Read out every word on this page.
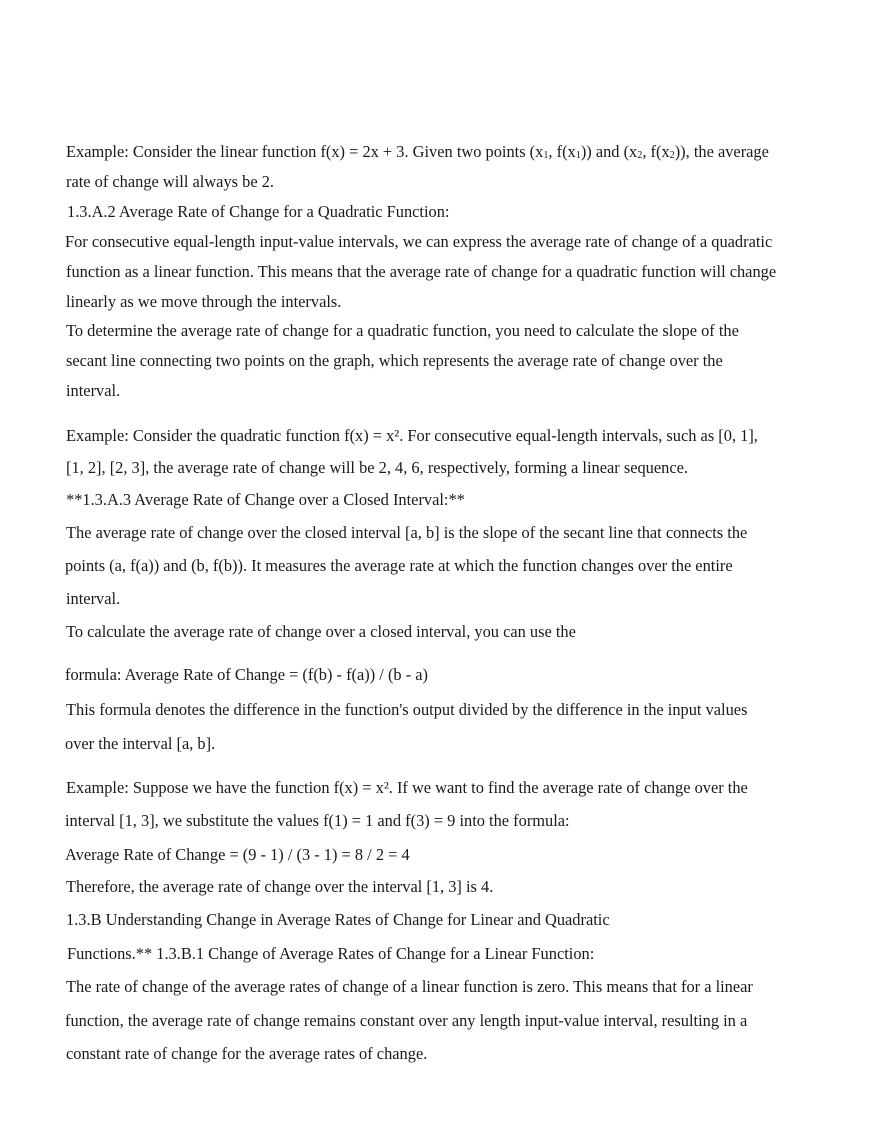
Example: Consider the linear function f(x) = 2x + 3. Given two points (x1, f(x1)) and (x2, f(x2)), the average
rate of change will always be 2.
1.3.A.2 Average Rate of Change for a Quadratic Function:
For consecutive equal-length input-value intervals, we can express the average rate of change of a quadratic
function as a linear function. This means that the average rate of change for a quadratic function will change
linearly as we move through the intervals.
To determine the average rate of change for a quadratic function, you need to calculate the slope of the
secant line connecting two points on the graph, which represents the average rate of change over the
interval.
Example: Consider the quadratic function f(x) = x². For consecutive equal-length intervals, such as [0, 1],
[1, 2], [2, 3], the average rate of change will be 2, 4, 6, respectively, forming a linear sequence.
**1.3.A.3 Average Rate of Change over a Closed Interval:**
The average rate of change over the closed interval [a, b] is the slope of the secant line that connects the
points (a, f(a)) and (b, f(b)). It measures the average rate at which the function changes over the entire
interval.
To calculate the average rate of change over a closed interval, you can use the
formula: Average Rate of Change = (f(b) - f(a)) / (b - a)
This formula denotes the difference in the function's output divided by the difference in the input values
over the interval [a, b].
Example: Suppose we have the function f(x) = x². If we want to find the average rate of change over the
interval [1, 3], we substitute the values f(1) = 1 and f(3) = 9 into the formula:
Average Rate of Change = (9 - 1) / (3 - 1) = 8 / 2 = 4
Therefore, the average rate of change over the interval [1, 3] is 4.
1.3.B Understanding Change in Average Rates of Change for Linear and Quadratic
Functions.** 1.3.B.1 Change of Average Rates of Change for a Linear Function:
The rate of change of the average rates of change of a linear function is zero. This means that for a linear
function, the average rate of change remains constant over any length input-value interval, resulting in a
constant rate of change for the average rates of change.
